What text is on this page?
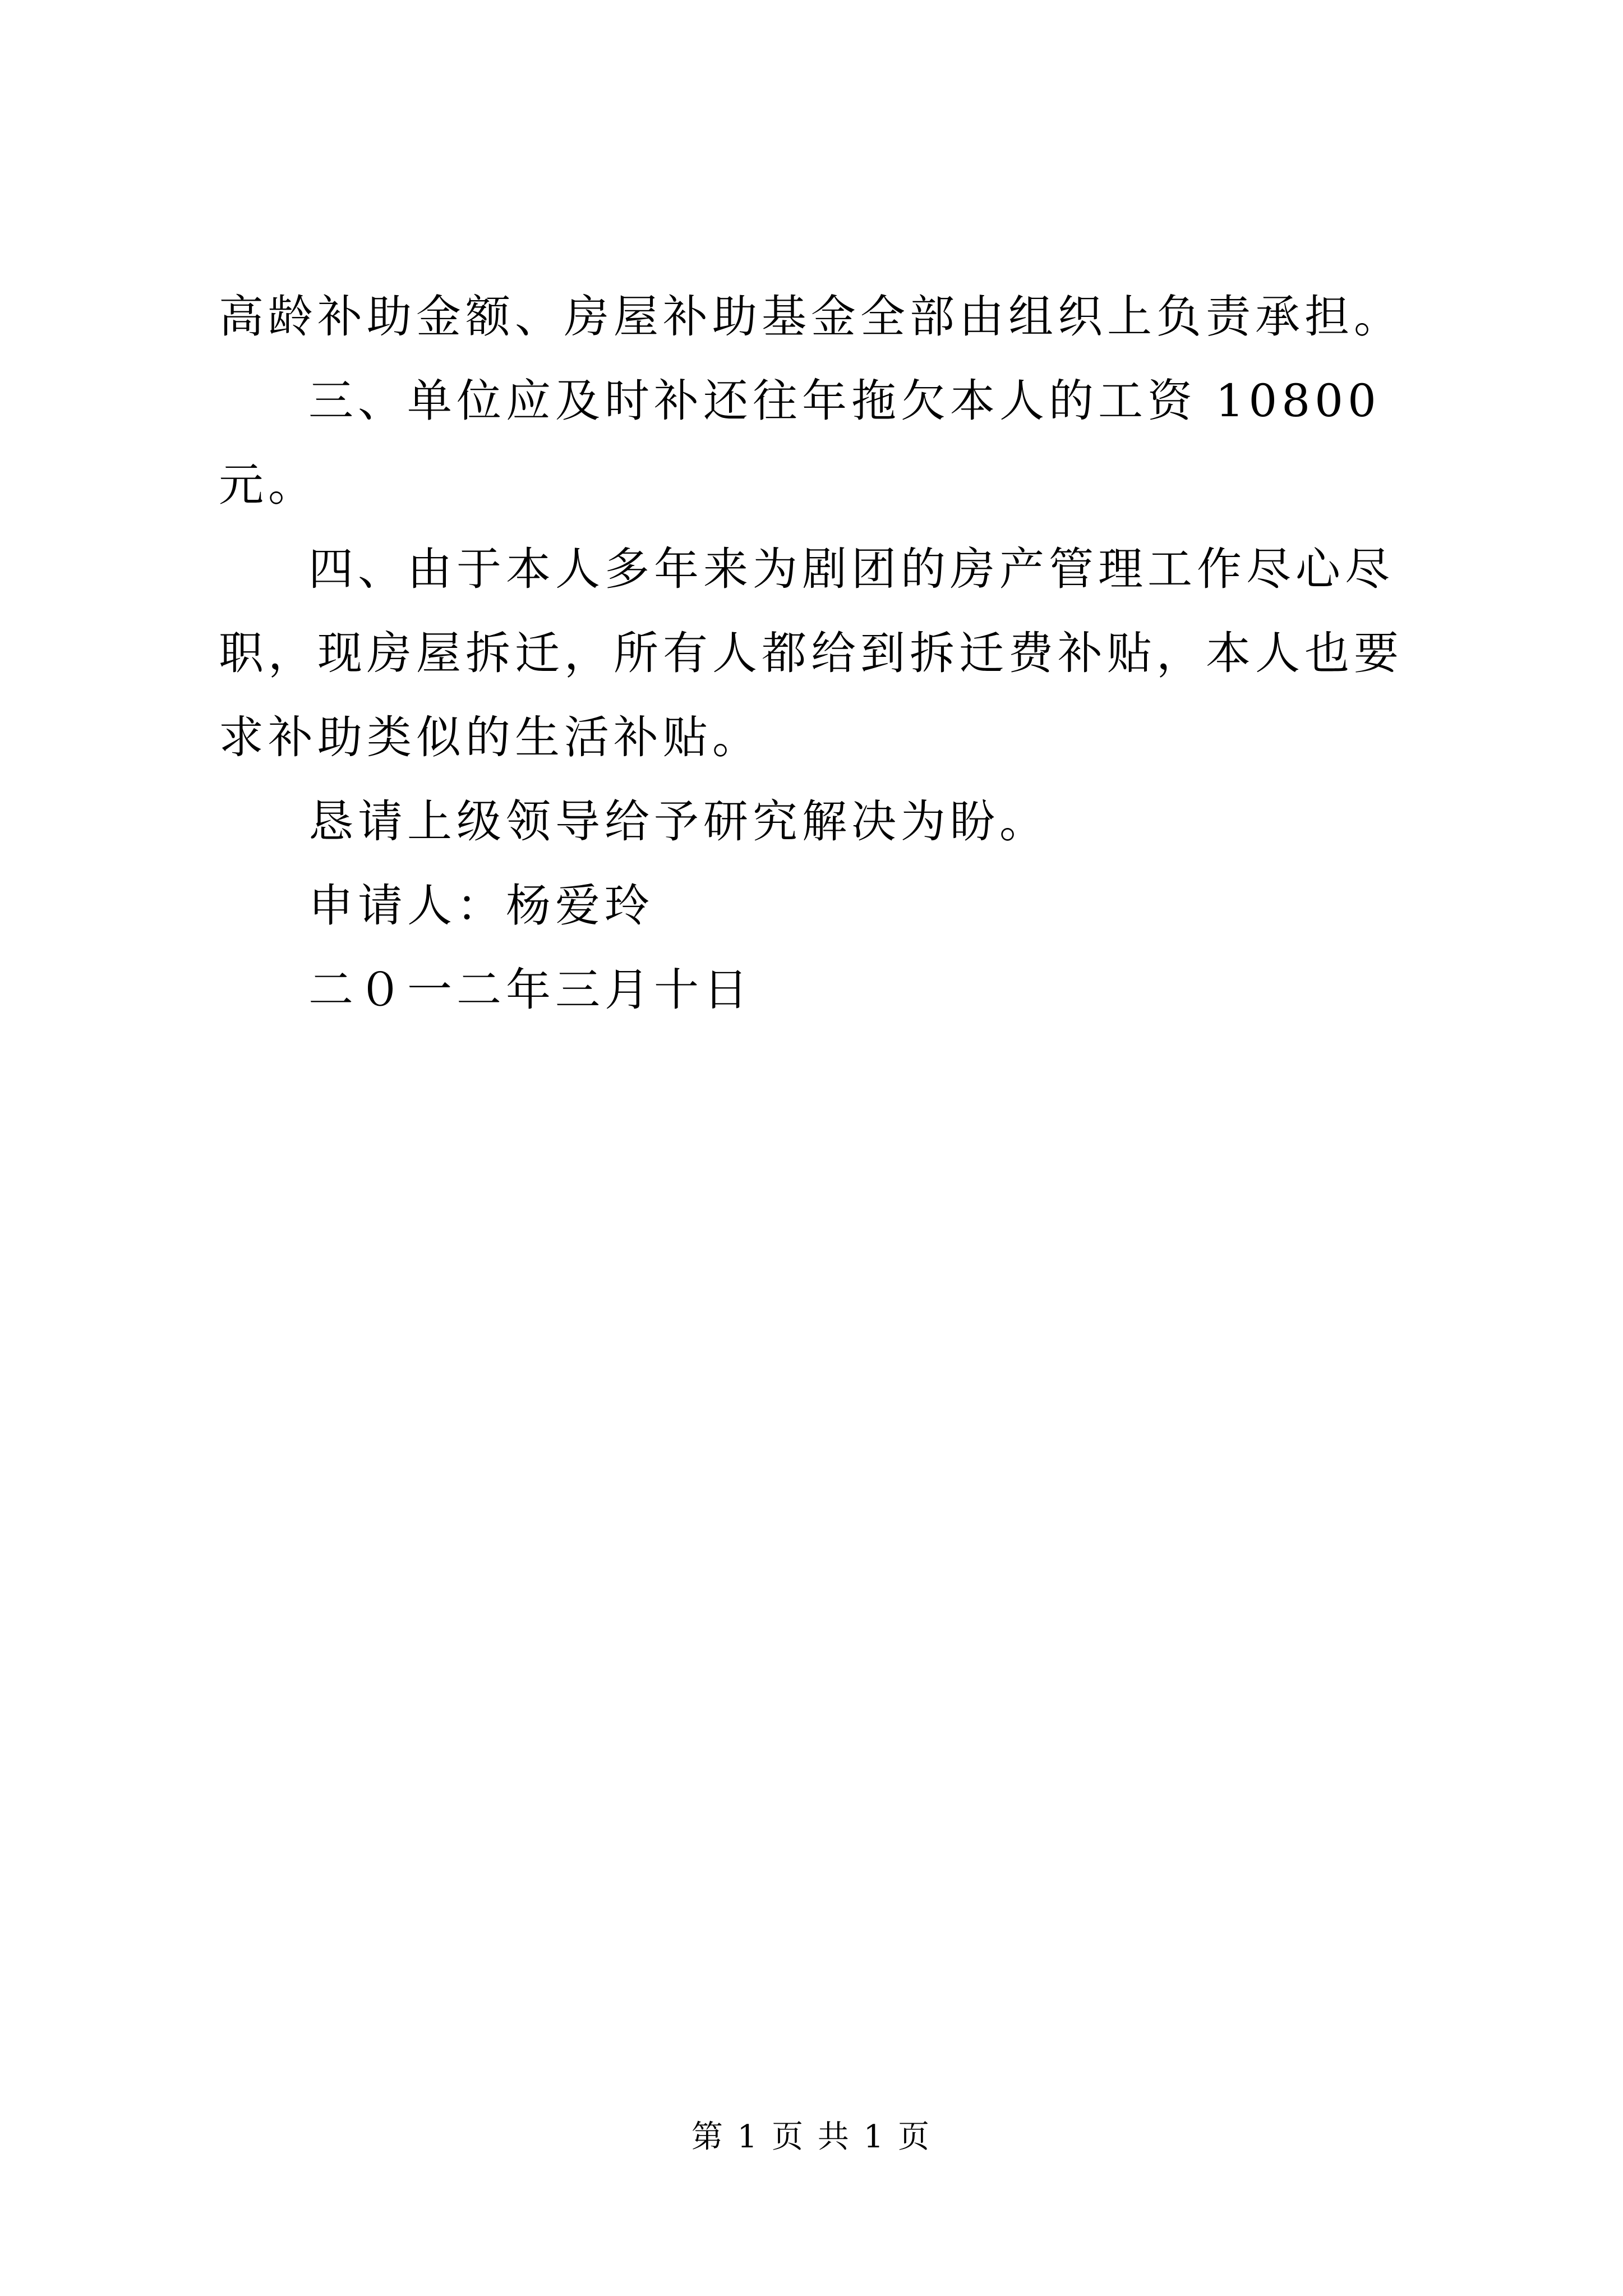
高龄补助金额、房屋补助基金全部由组织上负责承担。

三、单位应及时补还往年拖欠本人的工资 10800 元。

四、由于本人多年来为剧团的房产管理工作尽心尽职，现房屋拆迁，所有人都给到拆迁费补贴，本人也要求补助类似的生活补贴。

恳请上级领导给予研究解决为盼。

申请人：杨爱玲

二０一二年三月十日

第 1 页 共 1 页
